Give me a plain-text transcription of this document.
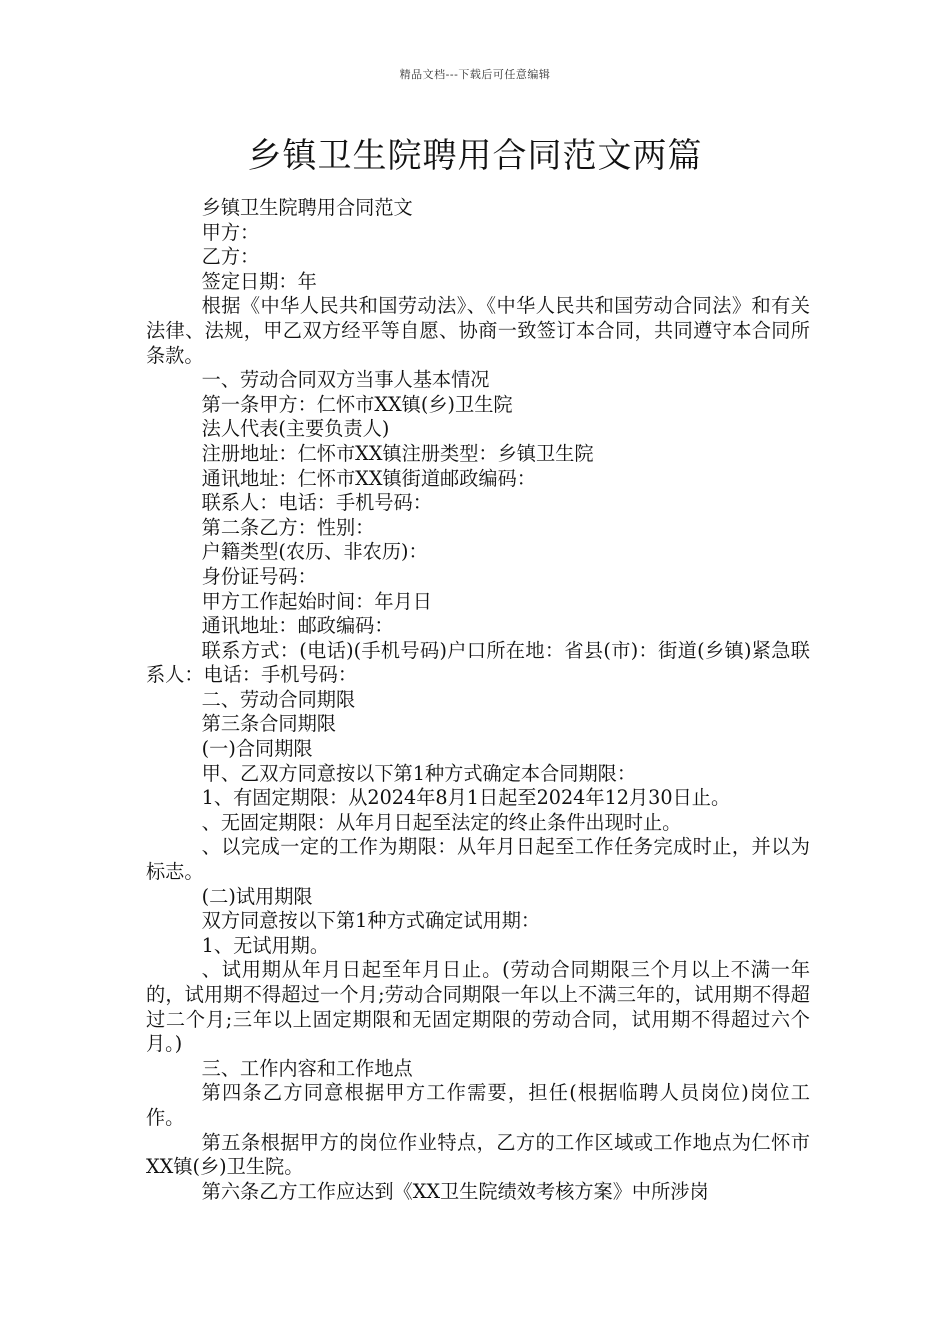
精品文档---下载后可任意编辑
乡镇卫生院聘用合同范文两篇

乡镇卫生院聘用合同范文

甲方：

乙方：

签定日期：年

根据《中华人民共和国劳动法》、《中华人民共和国劳动合同法》和有关法律、法规，甲乙双方经平等自愿、协商一致签订本合同，共同遵守本合同所条款。

一、劳动合同双方当事人基本情况

第一条甲方：仁怀市XX镇(乡)卫生院

法人代表(主要负责人)

注册地址：仁怀市XX镇注册类型：乡镇卫生院

通讯地址：仁怀市XX镇街道邮政编码：

联系人：电话：手机号码：

第二条乙方：性别：

户籍类型(农历、非农历)：

身份证号码：

甲方工作起始时间：年月日

通讯地址：邮政编码：

联系方式：(电话)(手机号码)户口所在地：省县(市)：街道(乡镇)紧急联系人：电话：手机号码：

二、劳动合同期限

第三条合同期限

(一)合同期限

甲、乙双方同意按以下第1种方式确定本合同期限：

1、有固定期限：从2024年8月1日起至2024年12月30日止。

、无固定期限：从年月日起至法定的终止条件出现时止。

、以完成一定的工作为期限：从年月日起至工作任务完成时止，并以为标志。

(二)试用期限

双方同意按以下第1种方式确定试用期：

1、无试用期。

、试用期从年月日起至年月日止。(劳动合同期限三个月以上不满一年的，试用期不得超过一个月;劳动合同期限一年以上不满三年的，试用期不得超过二个月;三年以上固定期限和无固定期限的劳动合同，试用期不得超过六个月。)

三、工作内容和工作地点

第四条乙方同意根据甲方工作需要，担任(根据临聘人员岗位)岗位工作。

第五条根据甲方的岗位作业特点，乙方的工作区域或工作地点为仁怀市XX镇(乡)卫生院。

第六条乙方工作应达到《XX卫生院绩效考核方案》中所涉岗
